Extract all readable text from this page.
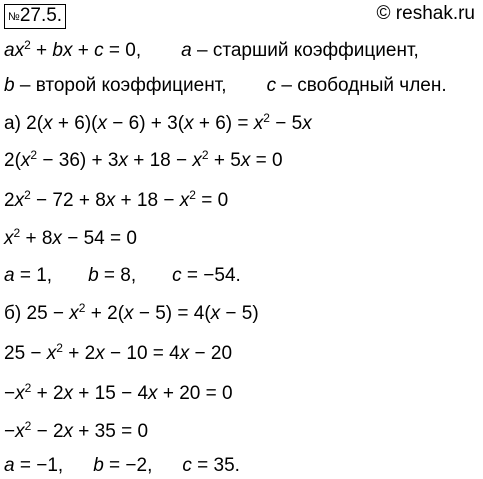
№27.5.	© reshak.ru
$ax^2$ + bx + c = 0, a – старший коэффициент,
b – второй коэффициент, c – свободный член.
а) $2(x + 6)(x - 6) + 3(x + 6) = x^2 - 5x$
$2(x^2 - 36) + 3x + 18 - x^2 + 5x = 0$
$2x^2 - 72 + 8x + 18 - x^2 = 0$
$x^2 + 8x - 54 = 0$
a = 1, b = 8, c = −54.
б) $25 - x^2 + 2(x - 5) = 4(x - 5)$
$25 - x^2 + 2x - 10 = 4x - 20$
$-x^2 + 2x + 15 - 4x + 20 = 0$
$-x^2 - 2x + 35 = 0$
a = −1, b = −2, c = 35.
